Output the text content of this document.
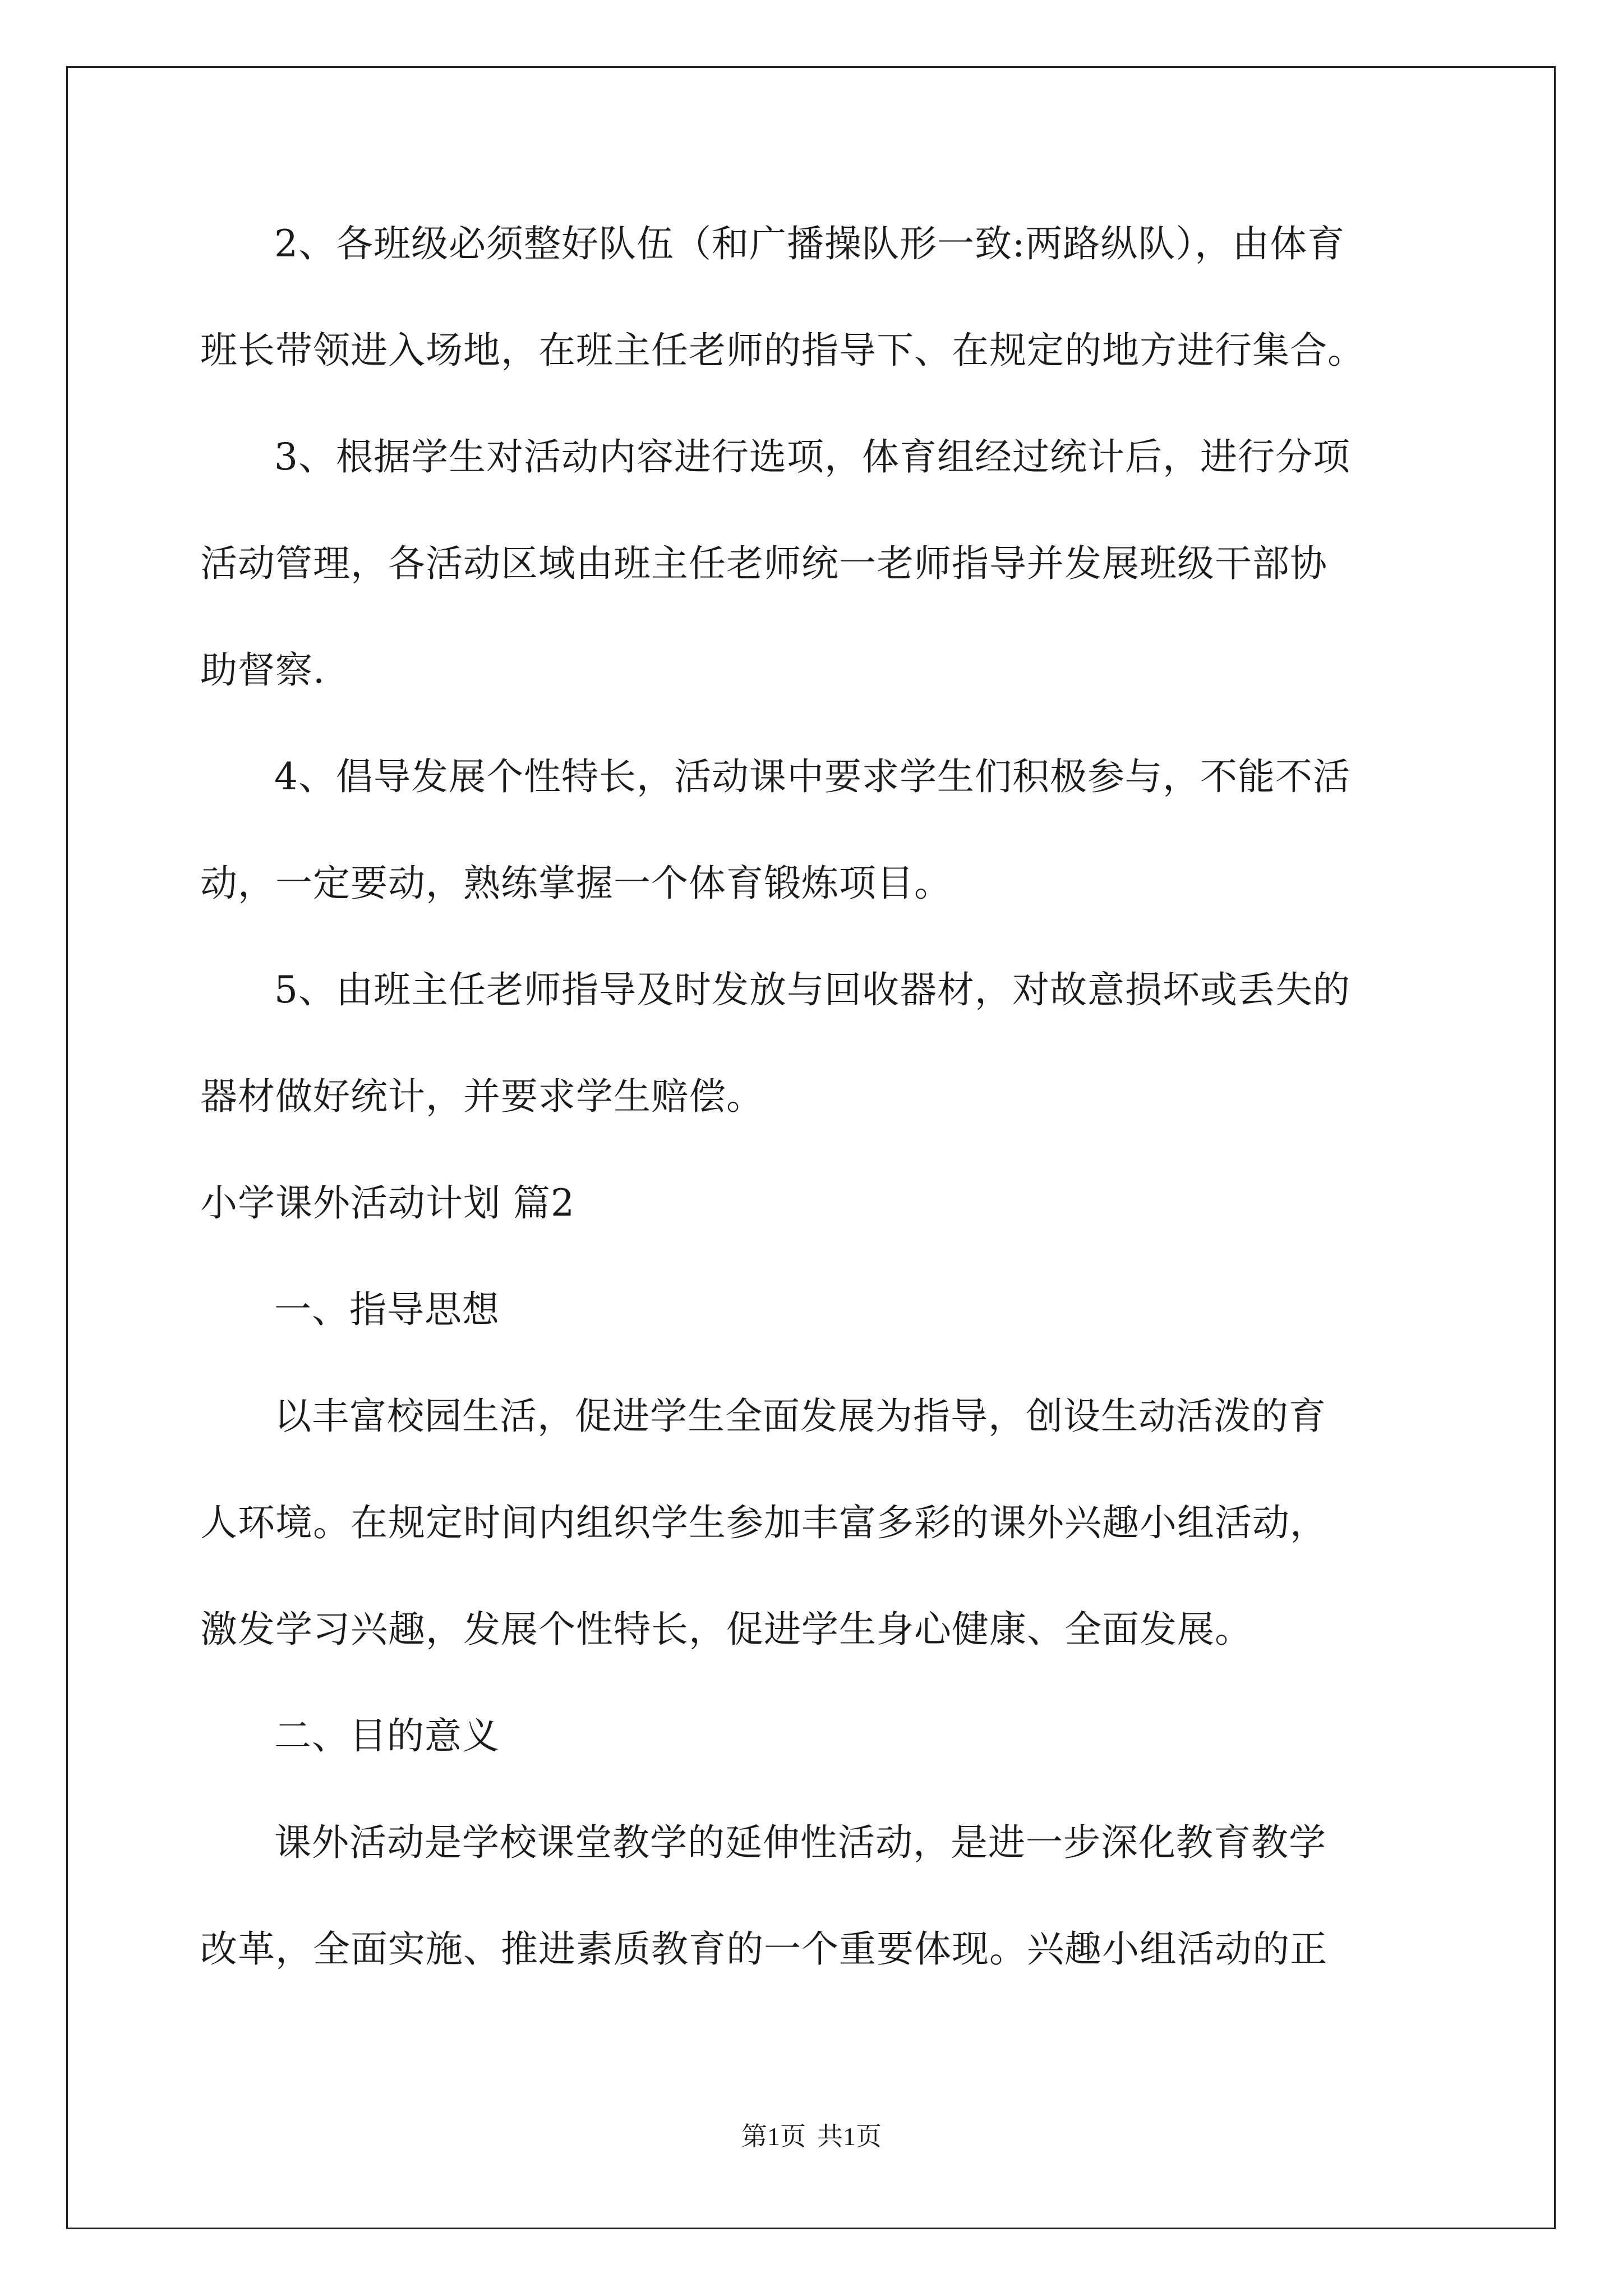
2、各班级必须整好队伍（和广播操队形一致:两路纵队），由体育
班长带领进入场地，在班主任老师的指导下、在规定的地方进行集合。
3、根据学生对活动内容进行选项，体育组经过统计后，进行分项
活动管理，各活动区域由班主任老师统一老师指导并发展班级干部协
助督察.
4、倡导发展个性特长，活动课中要求学生们积极参与，不能不活
动，一定要动，熟练掌握一个体育锻炼项目。
5、由班主任老师指导及时发放与回收器材，对故意损坏或丢失的
器材做好统计，并要求学生赔偿。
小学课外活动计划 篇2
一、指导思想
以丰富校园生活，促进学生全面发展为指导，创设生动活泼的育
人环境。在规定时间内组织学生参加丰富多彩的课外兴趣小组活动，
激发学习兴趣，发展个性特长，促进学生身心健康、全面发展。
二、目的意义
课外活动是学校课堂教学的延伸性活动，是进一步深化教育教学
改革，全面实施、推进素质教育的一个重要体现。兴趣小组活动的正
第1页 共1页
